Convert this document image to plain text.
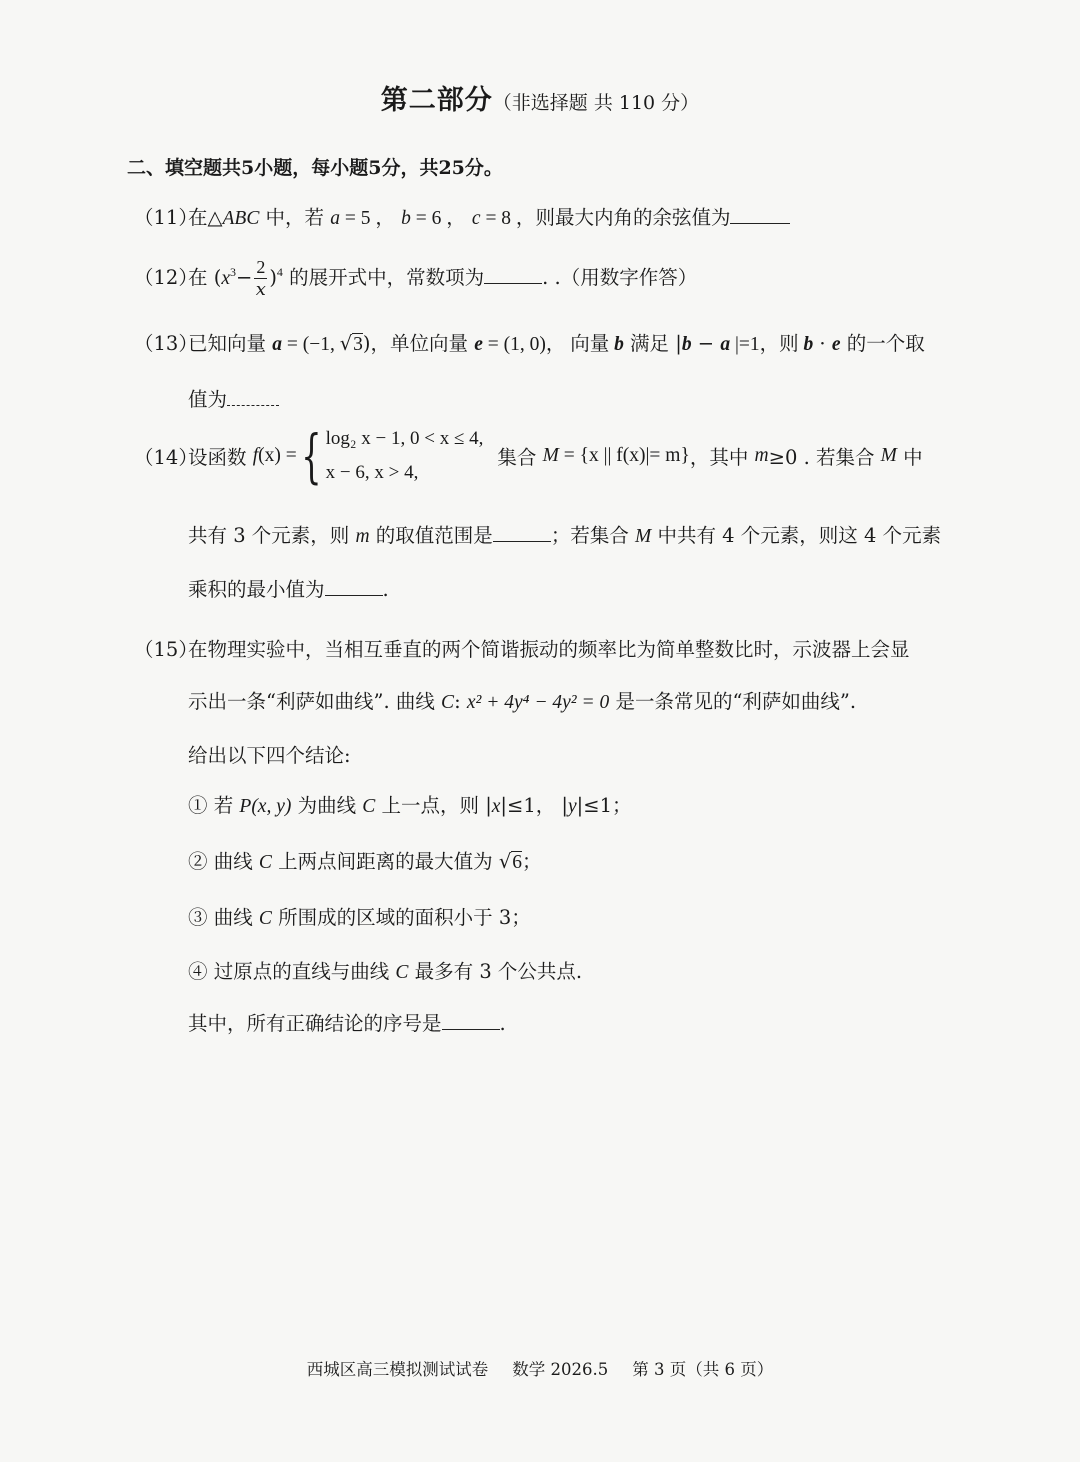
第二部分（非选择题 共 110 分）
二、填空题共5小题，每小题5分，共25分。
（11）在△ABC 中，若 a = 5 ， b = 6 ， c = 8 ，则最大内角的余弦值为
（12）在 $(x^3- \frac{2}{x} )^4$ 的展开式中，常数项为	. .（用数字作答）
（13）已知向量 a = (−1, √3)，单位向量 e = (1, 0)， 向量 b 满足 |b − a |=1，则 b · e 的一个取
值为
（14）设函数 f(x) ={ log₂ x − 1, 0 < x ≤ 4,
x − 6, x > 4,
集合 M = {x || f(x)|= m}，其中 m≥0 . 若集合 M 中
共有 3 个元素，则 m 的取值范围是	；若集合 M 中共有 4 个元素，则这 4 个元素
乘积的最小值为	.
（15）在物理实验中，当相互垂直的两个简谐振动的频率比为简单整数比时，示波器上会显
示出一条“利萨如曲线”. 曲线 C: x² + 4y⁴ − 4y² = 0 是一条常见的“利萨如曲线”.
给出以下四个结论:
① 若 P(x, y) 为曲线 C 上一点，则 |x|≤1， |y|≤1；
② 曲线 C 上两点间距离的最大值为 √6；
③ 曲线 C 所围成的区域的面积小于 3；
④ 过原点的直线与曲线 C 最多有 3 个公共点.
其中，所有正确结论的序号是	.
西城区高三模拟测试试卷 数学 2026.5 第 3 页（共 6 页）
